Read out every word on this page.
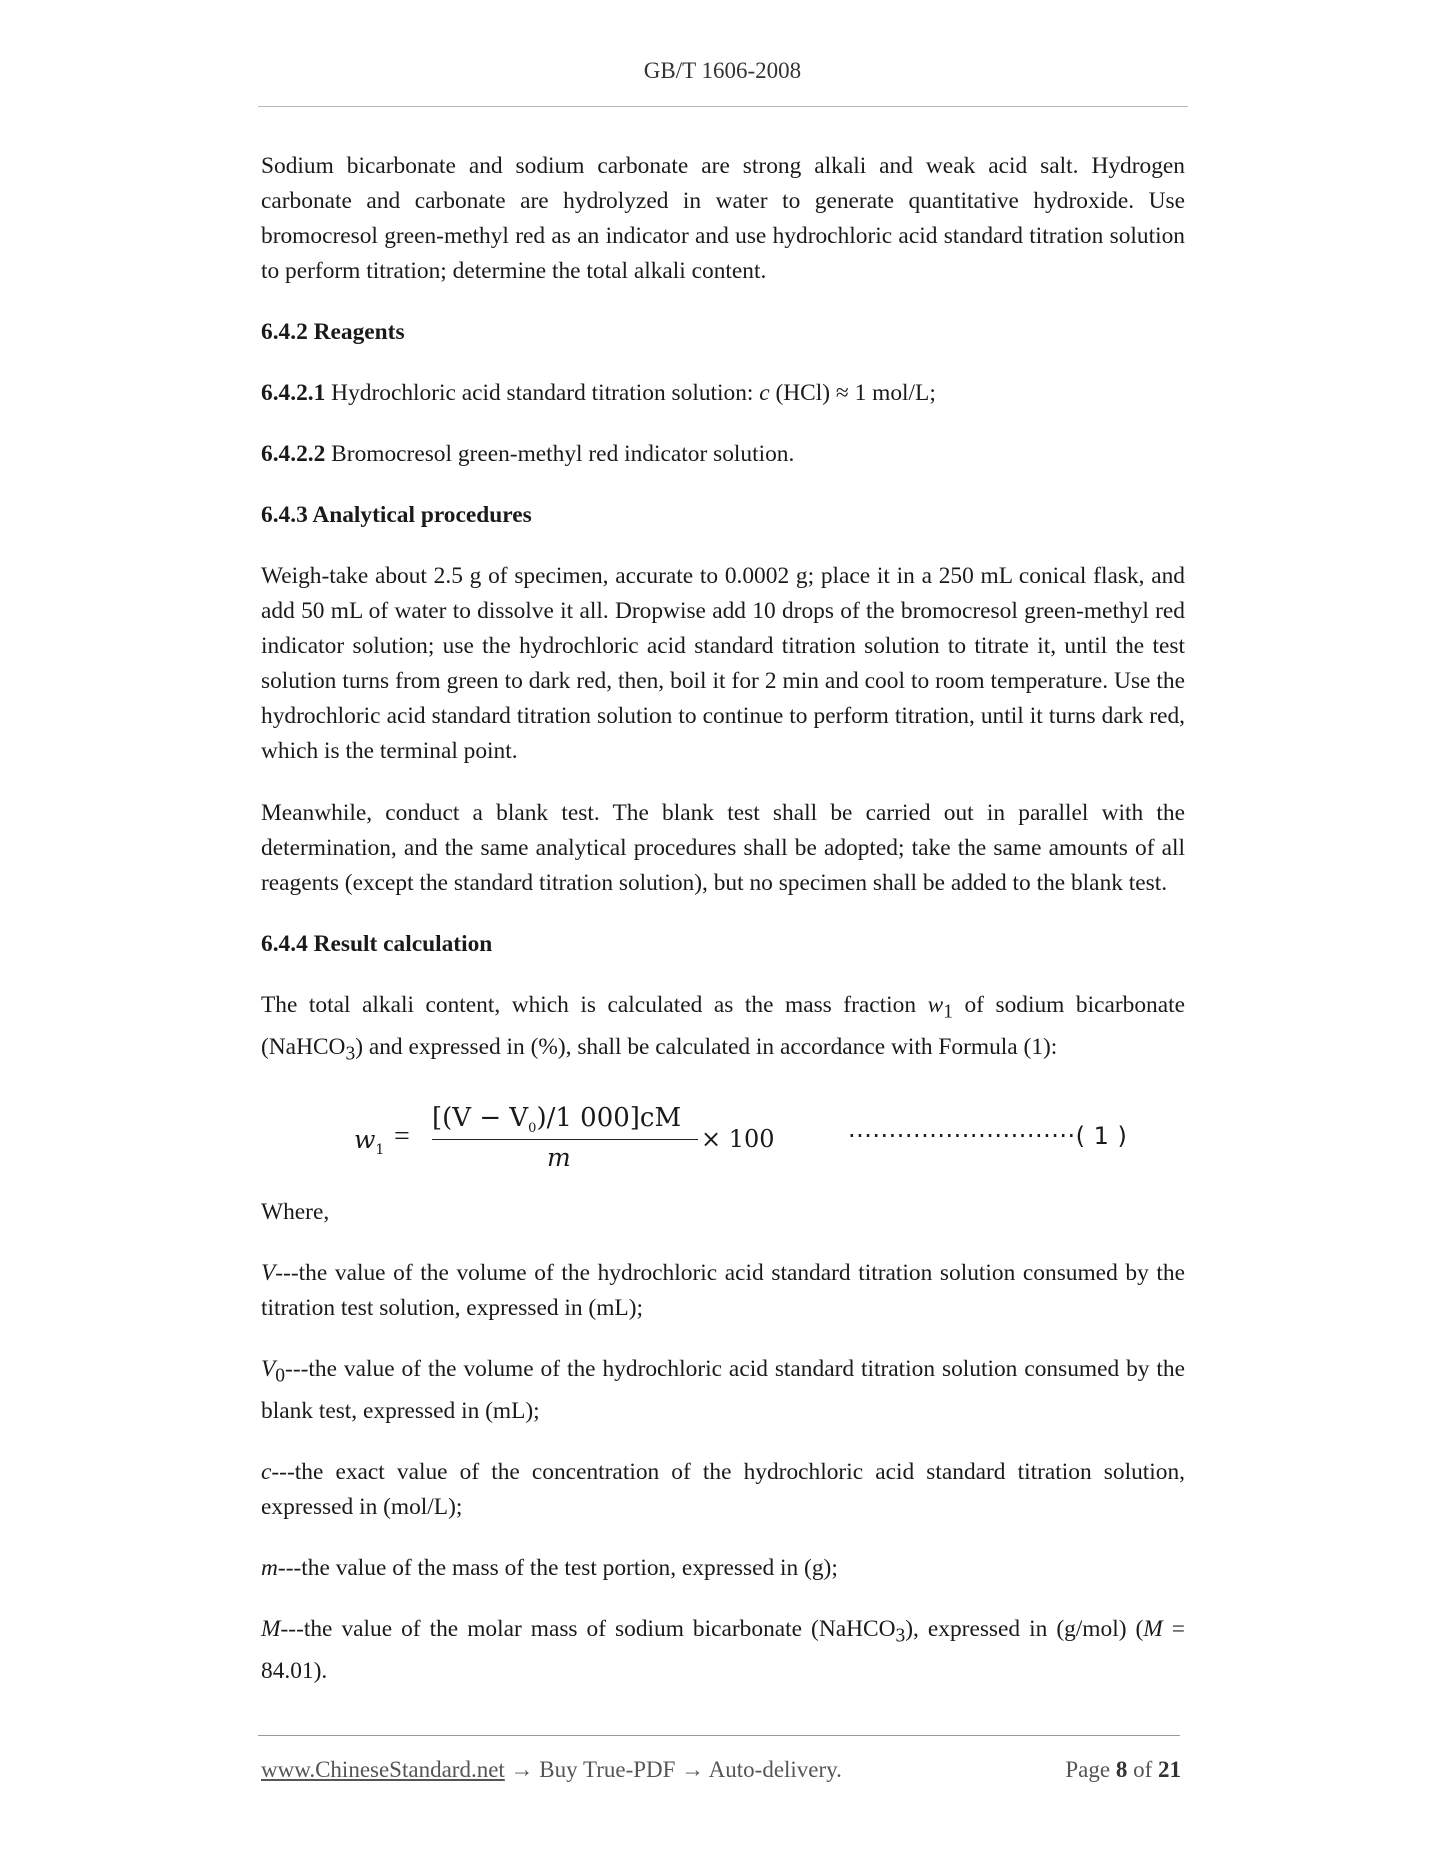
GB/T 1606-2008

Sodium bicarbonate and sodium carbonate are strong alkali and weak acid salt. Hydrogen carbonate and carbonate are hydrolyzed in water to generate quantitative hydroxide. Use bromocresol green-methyl red as an indicator and use hydrochloric acid standard titration solution to perform titration; determine the total alkali content.

6.4.2 Reagents

6.4.2.1 Hydrochloric acid standard titration solution: c (HCl) ≈ 1 mol/L;

6.4.2.2 Bromocresol green-methyl red indicator solution.

6.4.3 Analytical procedures

Weigh-take about 2.5 g of specimen, accurate to 0.0002 g; place it in a 250 mL conical flask, and add 50 mL of water to dissolve it all. Dropwise add 10 drops of the bromocresol green-methyl red indicator solution; use the hydrochloric acid standard titration solution to titrate it, until the test solution turns from green to dark red, then, boil it for 2 min and cool to room temperature. Use the hydrochloric acid standard titration solution to continue to perform titration, until it turns dark red, which is the terminal point.

Meanwhile, conduct a blank test. The blank test shall be carried out in parallel with the determination, and the same analytical procedures shall be adopted; take the same amounts of all reagents (except the standard titration solution), but no specimen shall be added to the blank test.

6.4.4 Result calculation

The total alkali content, which is calculated as the mass fraction $w_1$ of sodium bicarbonate (NaHCO$_3$) and expressed in (%), shall be calculated in accordance with Formula (1):

$w_1$ =
[$(V - V_0)/1$ 000]cM
m
× 100	····························( 1 )

Where,

V---the value of the volume of the hydrochloric acid standard titration solution consumed by the titration test solution, expressed in (mL);

$V_0--$-the value of the volume of the hydrochloric acid standard titration solution consumed by the blank test, expressed in (mL);

c---the exact value of the concentration of the hydrochloric acid standard titration solution, expressed in (mol/L);

m---the value of the mass of the test portion, expressed in (g);

M---the value of the molar mass of sodium bicarbonate (NaHCO$_3$), expressed in (g/mol) (M = 84.01).

www.ChineseStandard.net → Buy True-PDF → Auto-delivery.	Page 8 of 21
